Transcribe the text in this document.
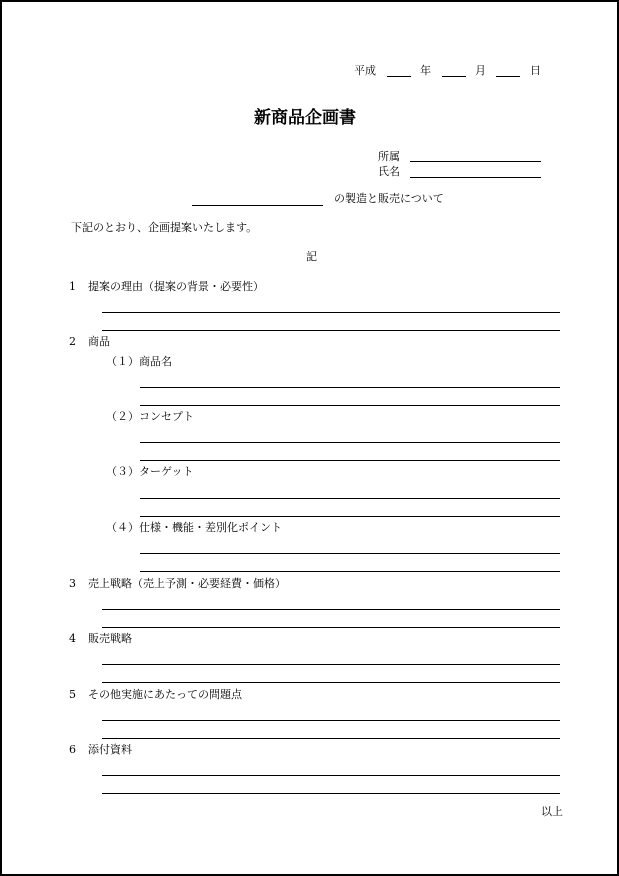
平成	年	月	日
新商品企画書
所属
氏名
の製造と販売について
下記のとおり、企画提案いたします。
記
1 提案の理由（提案の背景・必要性）
2 商品
（１）商品名
（２）コンセプト
（３）ターゲット
（４）仕様・機能・差別化ポイント
3 売上戦略（売上予測・必要経費・価格）
4 販売戦略
5 その他実施にあたっての問題点
6 添付資料
以上
